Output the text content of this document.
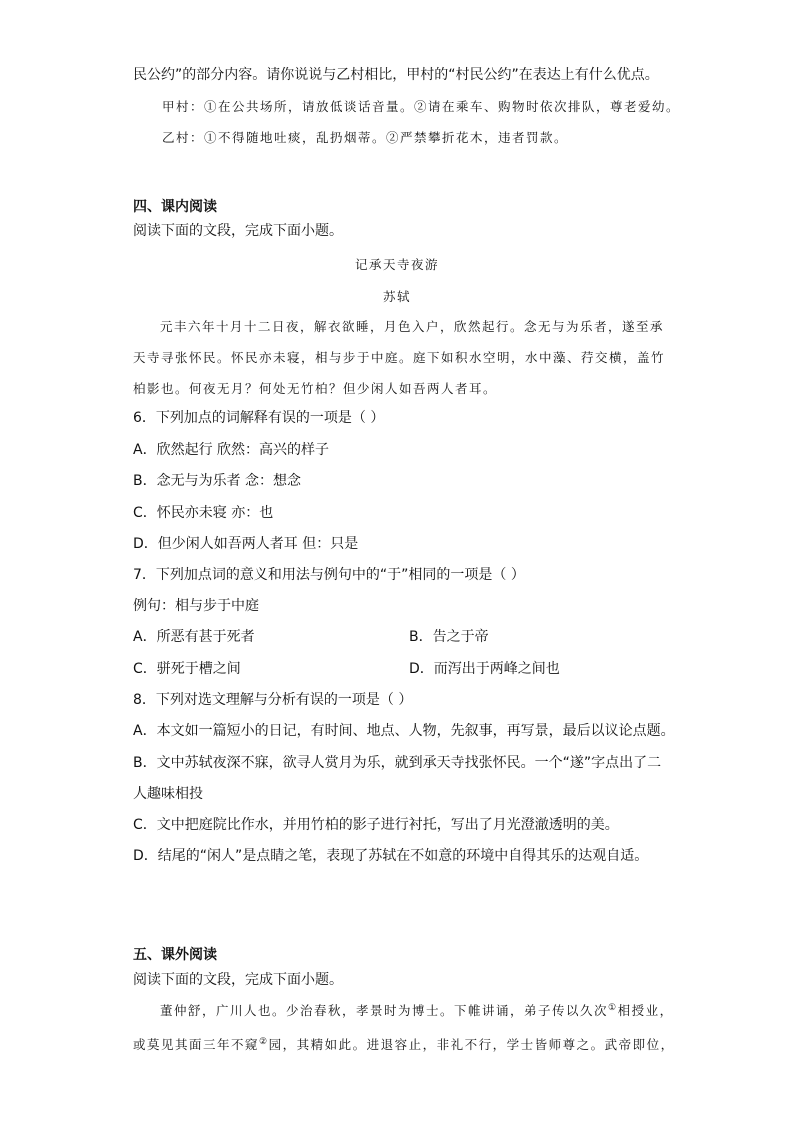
民公约”的部分内容。请你说说与乙村相比，甲村的“村民公约”在表达上有什么优点。
甲村：①在公共场所，请放低谈话音量。②请在乘车、购物时依次排队，尊老爱幼。
乙村：①不得随地吐痰，乱扔烟蒂。②严禁攀折花木，违者罚款。
四、课内阅读
阅读下面的文段，完成下面小题。
记承天寺夜游
苏轼
元丰六年十月十二日夜，解衣欲睡，月色入户，欣然起行。念无与为乐者，遂至承
天寺寻张怀民。怀民亦未寝，相与步于中庭。庭下如积水空明，水中藻、荇交横，盖竹
柏影也。何夜无月？何处无竹柏？但少闲人如吾两人者耳。
6．下列加点的词解释有误的一项是（ ）
A．欣然起行 欣然：高兴的样子
B．念无与为乐者 念：想念
C．怀民亦未寝 亦：也
D．但少闲人如吾两人者耳 但：只是
7．下列加点词的意义和用法与例句中的“于”相同的一项是（ ）
例句：相与步于中庭
A．所恶有甚于死者	B．告之于帝
C．骈死于槽之间	D．而泻出于两峰之间也
8．下列对选文理解与分析有误的一项是（ ）
A．本文如一篇短小的日记，有时间、地点、人物，先叙事，再写景，最后以议论点题。
B．文中苏轼夜深不寐，欲寻人赏月为乐，就到承天寺找张怀民。一个“遂”字点出了二
人趣味相投
C．文中把庭院比作水，并用竹柏的影子进行衬托，写出了月光澄澈透明的美。
D．结尾的“闲人”是点睛之笔，表现了苏轼在不如意的环境中自得其乐的达观自适。
五、课外阅读
阅读下面的文段，完成下面小题。
董仲舒，广川人也。少治春秋，孝景时为博士。下帷讲诵，弟子传以久次①相授业，
或莫见其面三年不窥②园，其精如此。进退容止，非礼不行，学士皆师尊之。武帝即位，
